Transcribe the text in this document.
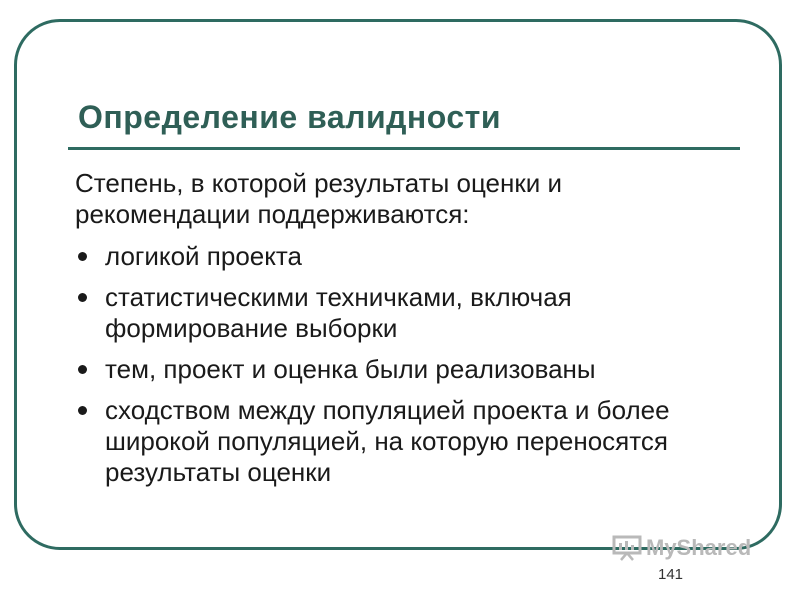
Определение валидности

Степень, в которой результаты оценки и рекомендации поддерживаются:

логикой проекта
статистическими техничками, включая формирование выборки
тем, проект и оценка были реализованы
сходством между популяцией проекта и более широкой популяцией, на которую переносятся результаты оценки
MyShared
141
